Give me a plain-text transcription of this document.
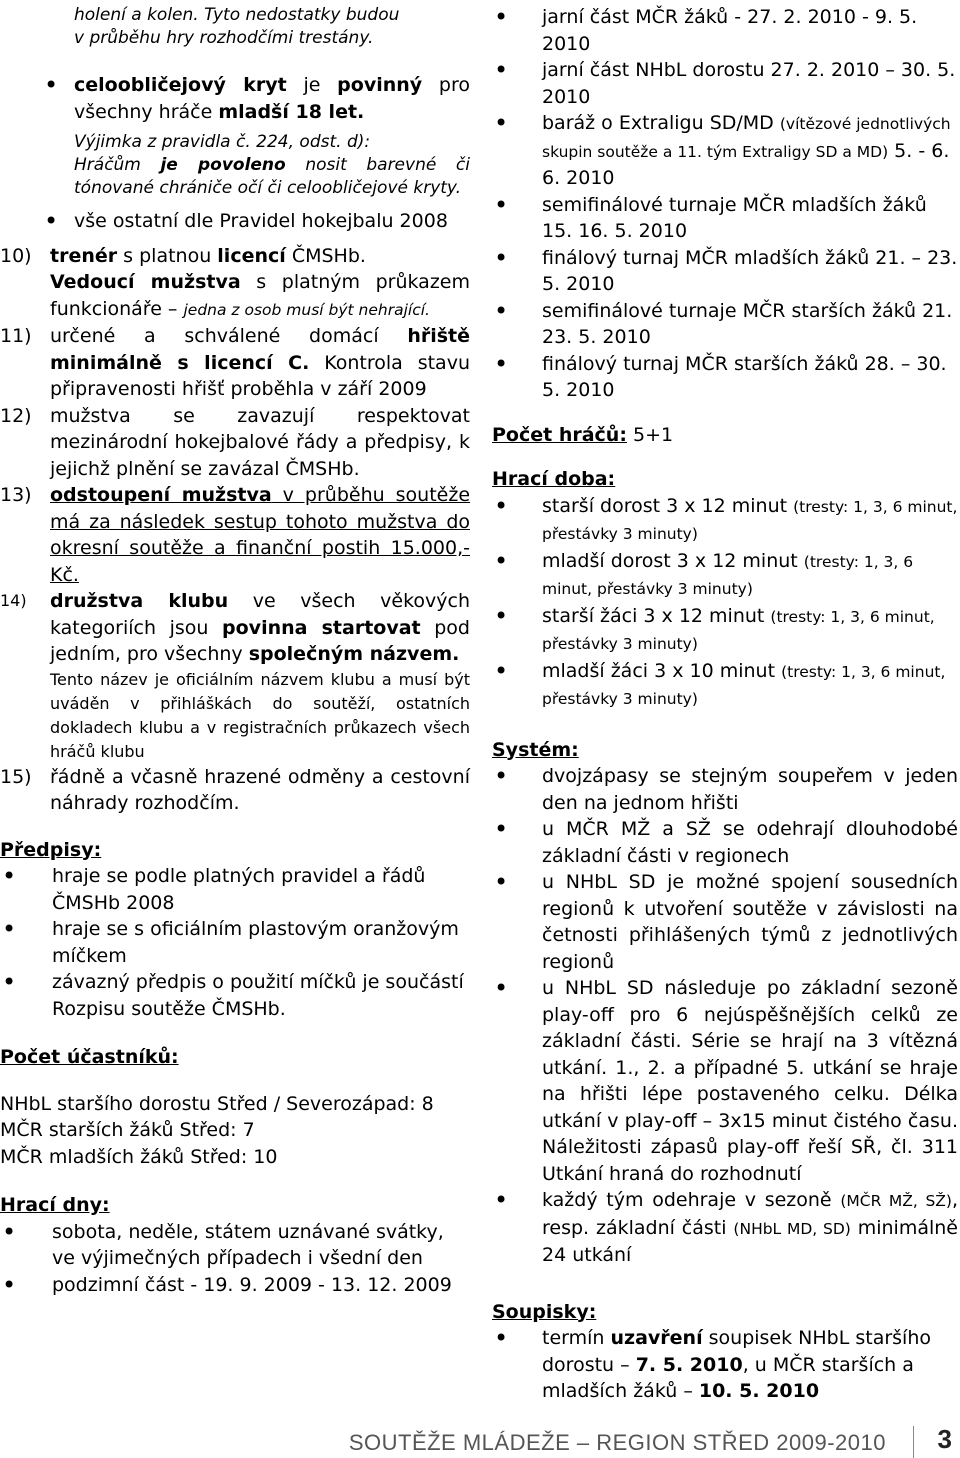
holení a kolen. Tyto nedostatky budou
v průběhu hry rozhodčími trestány.

• celoobličejový kryt je povinný pro všechny hráče mladší 18 let.

Výjimka z pravidla č. 224, odst. d):

Hráčům je povoleno nosit barevné či tónované chrániče očí či celoobličejové kryty.

• vše ostatní dle Pravidel hokejbalu 2008
10) trenér s platnou licencí ČMSHb.
Vedoucí mužstva s platným průkazem funkcionáře – jedna z osob musí být nehrající.
11) určené a schválené domácí hřiště minimálně s licencí C. Kontrola stavu připravenosti hřišť proběhla v září 2009
12) mužstva se zavazují respektovat mezinárodní hokejbalové řády a předpisy, k jejichž plnění se zavázal ČMSHb.
13) odstoupení mužstva v průběhu soutěže má za následek sestup tohoto mužstva do okresní soutěže a finanční postih 15.000,- Kč.
14) družstva klubu ve všech věkových kategoriích jsou povinna startovat pod jedním, pro všechny společným názvem.

Tento název je oficiálním názvem klubu a musí být uváděn v přihláškách do soutěží, ostatních dokladech klubu a v registračních průkazech všech hráčů klubu

15) řádně a včasně hrazené odměny a cestovní náhrady rozhodčím.

Předpisy:

• hraje se podle platných pravidel a řádů ČMSHb 2008
• hraje se s oficiálním plastovým oranžovým míčkem
• závazný předpis o použití míčků je součástí Rozpisu soutěže ČMSHb.

Počet účastníků:

NHbL staršího dorostu Střed / Severozápad: 8

MČR starších žáků Střed: 7

MČR mladších žáků Střed: 10

Hrací dny:

• sobota, neděle, státem uznávané svátky, ve výjimečných případech i všední den
• podzimní část - 19. 9. 2009 - 13. 12. 2009
• jarní část MČR žáků - 27. 2. 2010 - 9. 5. 2010
• jarní část NHbL dorostu 27. 2. 2010 – 30. 5. 2010
• baráž o Extraligu SD/MD (vítězové jednotlivých skupin soutěže a 11. tým Extraligy SD a MD) 5. - 6. 6. 2010
• semifinálové turnaje MČR mladších žáků 15. 16. 5. 2010
• finálový turnaj MČR mladších žáků 21. – 23. 5. 2010
• semifinálové turnaje MČR starších žáků 21. 23. 5. 2010
• finálový turnaj MČR starších žáků 28. – 30. 5. 2010

Počet hráčů: 5+1

Hrací doba:

• starší dorost 3 x 12 minut (tresty: 1, 3, 6 minut, přestávky 3 minuty)
• mladší dorost 3 x 12 minut (tresty: 1, 3, 6 minut, přestávky 3 minuty)
• starší žáci 3 x 12 minut (tresty: 1, 3, 6 minut, přestávky 3 minuty)
• mladší žáci 3 x 10 minut (tresty: 1, 3, 6 minut, přestávky 3 minuty)

Systém:

• dvojzápasy se stejným soupeřem v jeden den na jednom hřišti
• u MČR MŽ a SŽ se odehrají dlouhodobé základní části v regionech
• u NHbL SD je možné spojení sousedních regionů k utvoření soutěže v závislosti na četnosti přihlášených týmů z jednotlivých regionů
• u NHbL SD následuje po základní sezoně play-off pro 6 nejúspěšnějších celků ze základní části. Série se hrají na 3 vítězná utkání. 1., 2. a případné 5. utkání se hraje na hřišti lépe postaveného celku. Délka utkání v play-off – 3x15 minut čistého času. Náležitosti zápasů play-off řeší SŘ, čl. 311 Utkání hraná do rozhodnutí
• každý tým odehraje v sezoně (MČR MŽ, SŽ), resp. základní části (NHbL MD, SD) minimálně 24 utkání

Soupisky:

• termín uzavření soupisek NHbL staršího dorostu – 7. 5. 2010, u MČR starších a mladších žáků – 10. 5. 2010
SOUTĚŽE MLÁDEŽE – REGION STŘED 2009-2010 3
